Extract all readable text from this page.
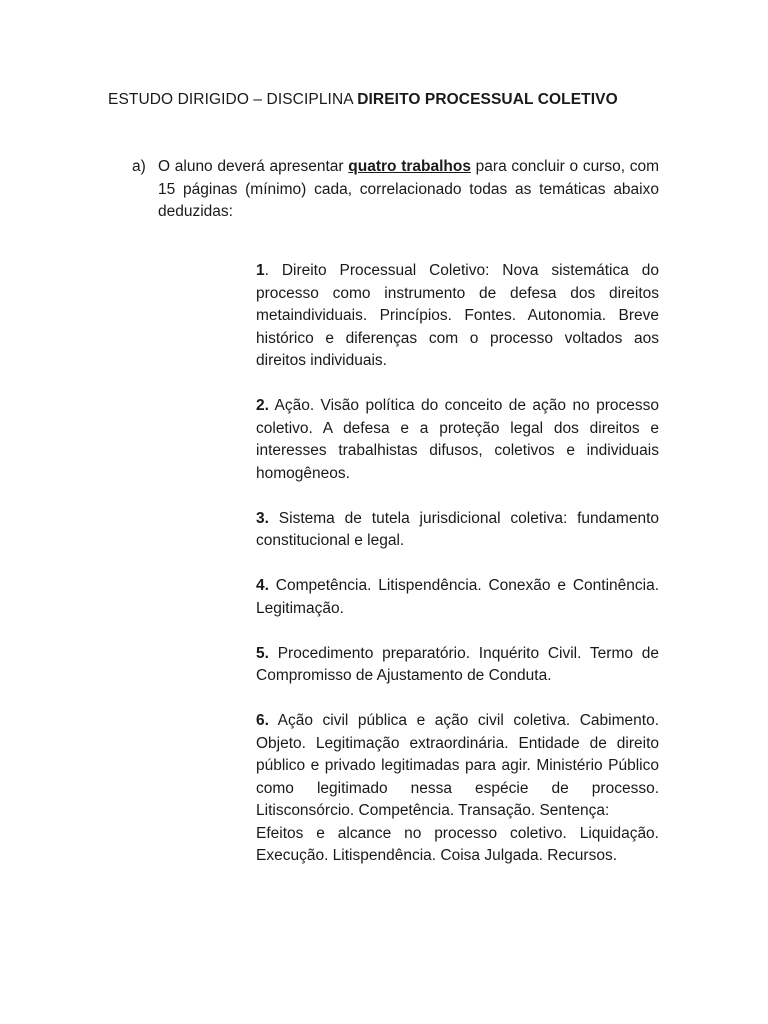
ESTUDO DIRIGIDO – DISCIPLINA DIREITO PROCESSUAL COLETIVO
a) O aluno deverá apresentar quatro trabalhos para concluir o curso, com 15 páginas (mínimo) cada, correlacionado todas as temáticas abaixo deduzidas:

1. Direito Processual Coletivo: Nova sistemática do processo como instrumento de defesa dos direitos metaindividuais. Princípios. Fontes. Autonomia. Breve histórico e diferenças com o processo voltados aos direitos individuais.

2. Ação. Visão política do conceito de ação no processo coletivo. A defesa e a proteção legal dos direitos e interesses trabalhistas difusos, coletivos e individuais homogêneos.

3. Sistema de tutela jurisdicional coletiva: fundamento constitucional e legal.

4. Competência. Litispendência. Conexão e Continência. Legitimação.

5. Procedimento preparatório. Inquérito Civil. Termo de Compromisso de Ajustamento de Conduta.

6. Ação civil pública e ação civil coletiva. Cabimento. Objeto. Legitimação extraordinária. Entidade de direito público e privado legitimadas para agir. Ministério Público como legitimado nessa espécie de processo. Litisconsórcio. Competência. Transação. Sentença:
Efeitos e alcance no processo coletivo. Liquidação. Execução. Litispendência. Coisa Julgada. Recursos.
